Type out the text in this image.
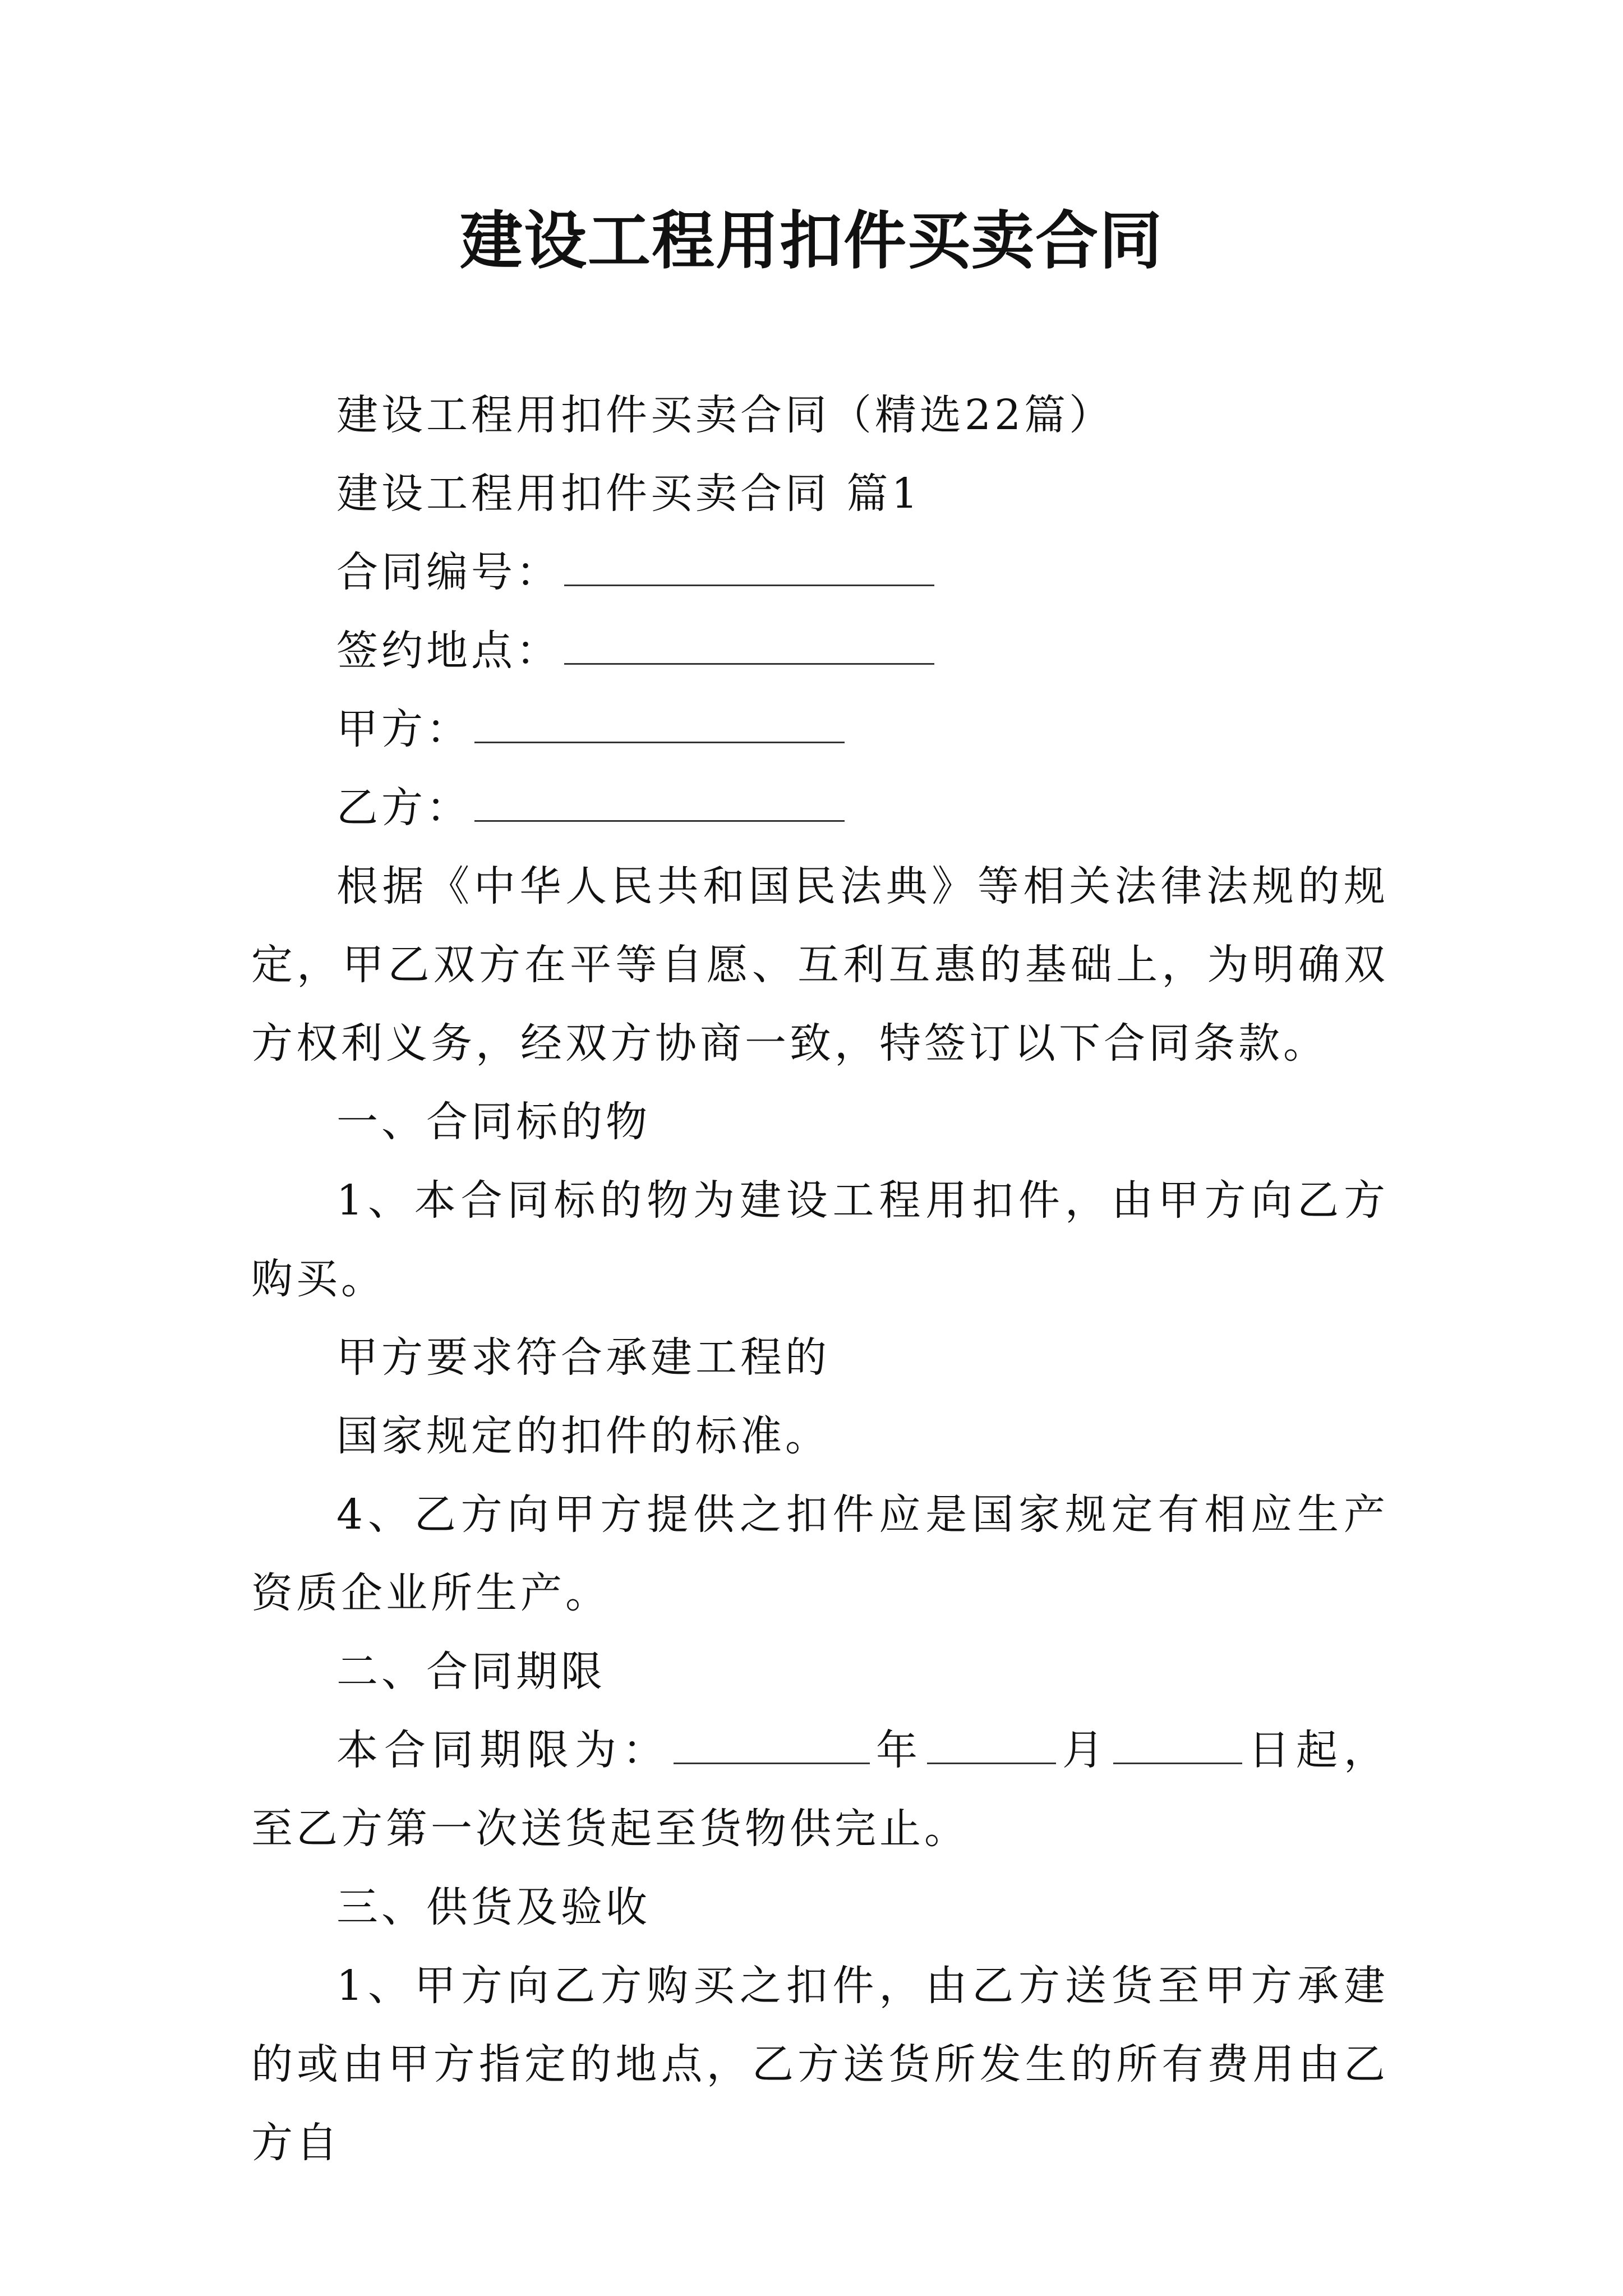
建设工程用扣件买卖合同

建设工程用扣件买卖合同（精选22篇）

建设工程用扣件买卖合同 篇1

合同编号：

签约地点：

甲方：

乙方：

根据《中华人民共和国民法典》等相关法律法规的规定，甲乙双方在平等自愿、互利互惠的基础上，为明确双方权利义务，经双方协商一致，特签订以下合同条款。

一、合同标的物

1、本合同标的物为建设工程用扣件，由甲方向乙方购买。

甲方要求符合承建工程的

国家规定的扣件的标准。

4、乙方向甲方提供之扣件应是国家规定有相应生产资质企业所生产。

二、合同期限

本合同期限为：	年	月	日起，至乙方第一次送货起至货物供完止。

三、供货及验收

1、甲方向乙方购买之扣件，由乙方送货至甲方承建的或由甲方指定的地点，乙方送货所发生的所有费用由乙方自
